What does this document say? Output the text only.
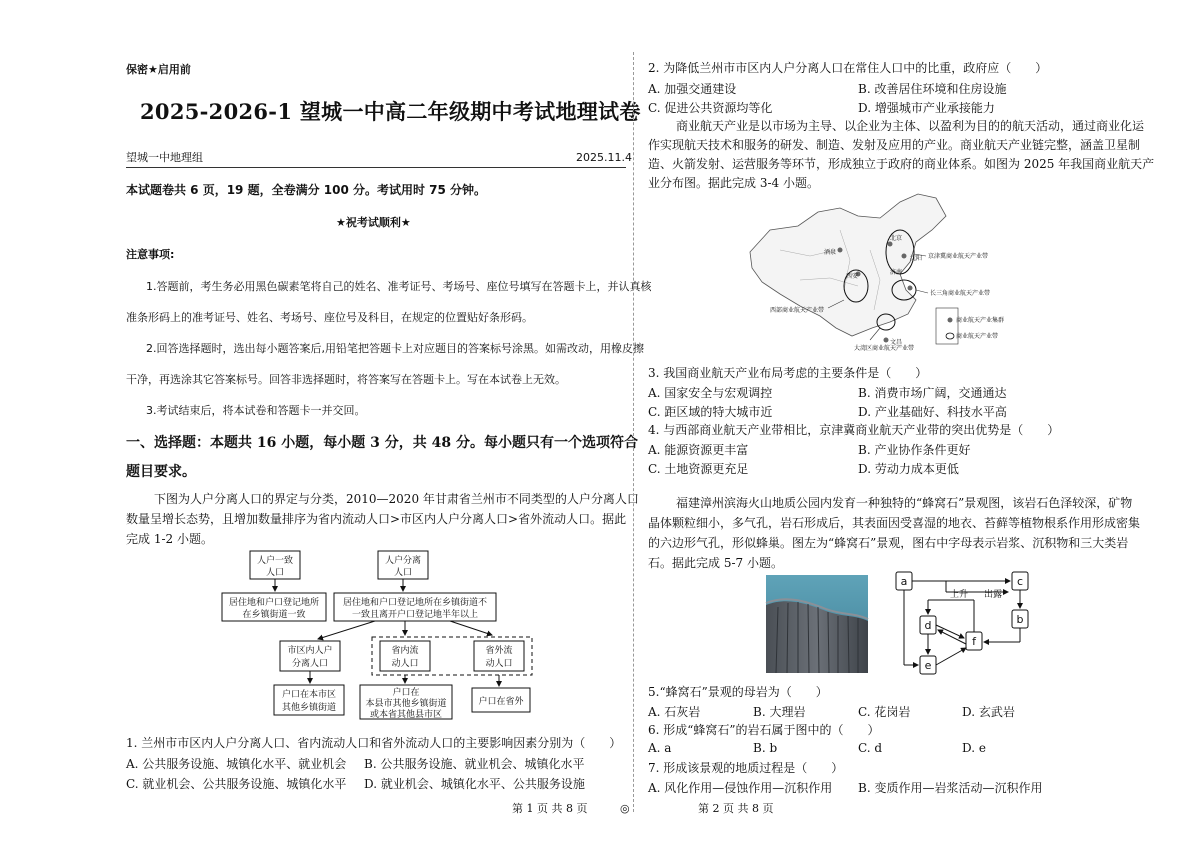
保密★启用前
2025-2026-1 望城一中高二年级期中考试地理试卷
望城一中地理组	2025.11.4
本试题卷共 6 页，19 题，全卷满分 100 分。考试用时 75 分钟。
★祝考试顺利★
注意事项:
1.答题前，考生务必用黑色碳素笔将自己的姓名、准考证号、考场号、座位号填写在答题卡上，并认真核
准条形码上的准考证号、姓名、考场号、座位号及科目，在规定的位置贴好条形码。
2.回答选择题时，选出每小题答案后,用铅笔把答题卡上对应题目的答案标号涂黑。如需改动，用橡皮擦
干净，再选涂其它答案标号。回答非选择题时，将答案写在答题卡上。写在本试卷上无效。
3.考试结束后，将本试卷和答题卡一并交回。
一、选择题：本题共 16 小题，每小题 3 分，共 48 分。每小题只有一个选项符合
题目要求。
下图为人户分离人口的界定与分类，2010—2020 年甘肃省兰州市不同类型的人户分离人口
数量呈增长态势，且增加数量排序为省内流动人口>市区内人户分离人口>省外流动人口。据此
完成 1-2 小题。
人户一致
人口
人户分离
人口
居住地和户口登记地所
在乡镇街道一致
居住地和户口登记地所在乡镇街道不
一致且离开户口登记地半年以上
市区内人户
分离人口
省内流
动人口
省外流
动人口
户口在本市区
其他乡镇街道
户口在
本县市其他乡镇街道
或本省其他县市区
户口在省外
1. 兰州市市区内人户分离人口、省内流动人口和省外流动人口的主要影响因素分别为（　　）
A. 公共服务设施、城镇化水平、就业机会 B. 公共服务设施、就业机会、城镇化水平
C. 就业机会、公共服务设施、城镇化水平 D. 就业机会、城镇化水平、公共服务设施
2. 为降低兰州市市区内人户分离人口在常住人口中的比重，政府应（　　）
A. 加强交通建设	B. 改善居住环境和住房设施
C. 促进公共资源均等化	D. 增强城市产业承接能力
商业航天产业是以市场为主导、以企业为主体、以盈利为目的的航天活动，通过商业化运
作实现航天技术和服务的研发、制造、发射及应用的产业。商业航天产业链完整，涵盖卫星制
造、火箭发射、运营服务等环节，形成独立于政府的商业体系。如图为 2025 年我国商业航天产
业分布图。据此完成 3-4 小题。
京津冀商业航天产业带
长三角商业航天产业带
西部商业航天产业带
大湾区商业航天产业带
酒泉
北京
沈阳
济南
西安
文昌
商业航天产业集群
商业航天产业带
3. 我国商业航天产业布局考虑的主要条件是（　　）
A. 国家安全与宏观调控	B. 消费市场广阔，交通通达
C. 距区域的特大城市近	D. 产业基础好、科技水平高
4. 与西部商业航天产业带相比，京津冀商业航天产业带的突出优势是（　　）
A. 能源资源更丰富	B. 产业协作条件更好
C. 土地资源更充足	D. 劳动力成本更低
福建漳州滨海火山地质公园内发育一种独特的“蜂窝石”景观图，该岩石色泽较深，矿物
晶体颗粒细小，多气孔，岩石形成后，其表面因受喜湿的地衣、苔藓等植物根系作用形成密集
的六边形气孔，形似蜂巢。图左为“蜂窝石”景观，图右中字母表示岩浆、沉积物和三大类岩
石。据此完成 5-7 小题。
a	c
d	b
f
e
上升 出露
5.“蜂窝石”景观的母岩为（　　）
A. 石灰岩	B. 大理岩	C. 花岗岩	D. 玄武岩
6. 形成“蜂窝石”的岩石属于图中的（　　）
A. a	B. b	C. d	D. e
7. 形成该景观的地质过程是（　　）
A. 风化作用—侵蚀作用—沉积作用 B. 变质作用—岩浆活动—沉积作用
第 1 页 共 8 页	◎	第 2 页 共 8 页
